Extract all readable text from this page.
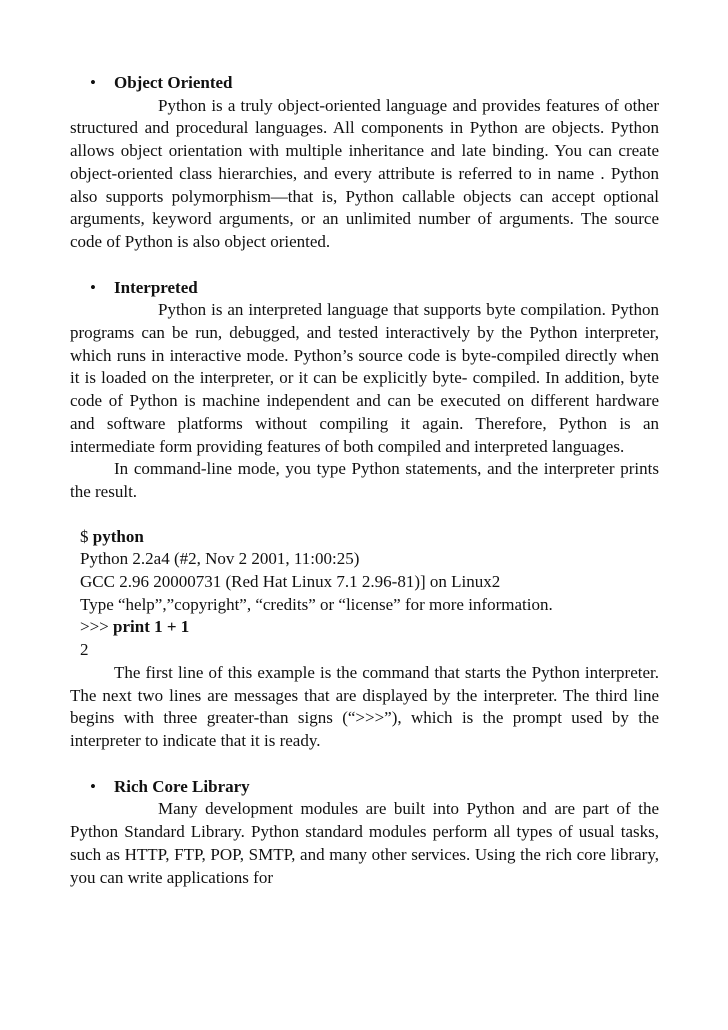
•	Object Oriented

Python is a truly object-oriented language and provides features of other structured and procedural languages. All components in Python are objects. Python allows object orientation with multiple inheritance and late binding. You can create object-oriented class hierarchies, and every attribute is referred to in name . Python also supports polymorphism—that is, Python callable objects can accept optional arguments, keyword arguments, or an unlimited number of arguments. The source code of Python is also object oriented.

•	Interpreted

Python is an interpreted language that supports byte compilation. Python programs can be run, debugged, and tested interactively by the Python interpreter, which runs in interactive mode. Python’s source code is byte-compiled directly when it is loaded on the interpreter, or it can be explicitly byte- compiled. In addition, byte code of Python is machine independent and can be executed on different hardware and software platforms without compiling it again. Therefore, Python is an intermediate form providing features of both compiled and interpreted languages.

In command-line mode, you type Python statements, and the interpreter prints the result.

$ python
Python 2.2a4 (#2, Nov 2 2001, 11:00:25)
GCC 2.96 20000731 (Red Hat Linux 7.1 2.96-81)] on Linux2
Type “help”,”copyright”, “credits” or “license” for more information.
>>> print 1 + 1
2

The first line of this example is the command that starts the Python interpreter. The next two lines are messages that are displayed by the interpreter. The third line begins with three greater-than signs (“>>>”), which is the prompt used by the interpreter to indicate that it is ready.

•	Rich Core Library

Many development modules are built into Python and are part of the Python Standard Library. Python standard modules perform all types of usual tasks, such as HTTP, FTP, POP, SMTP, and many other services. Using the rich core library, you can write applications for
